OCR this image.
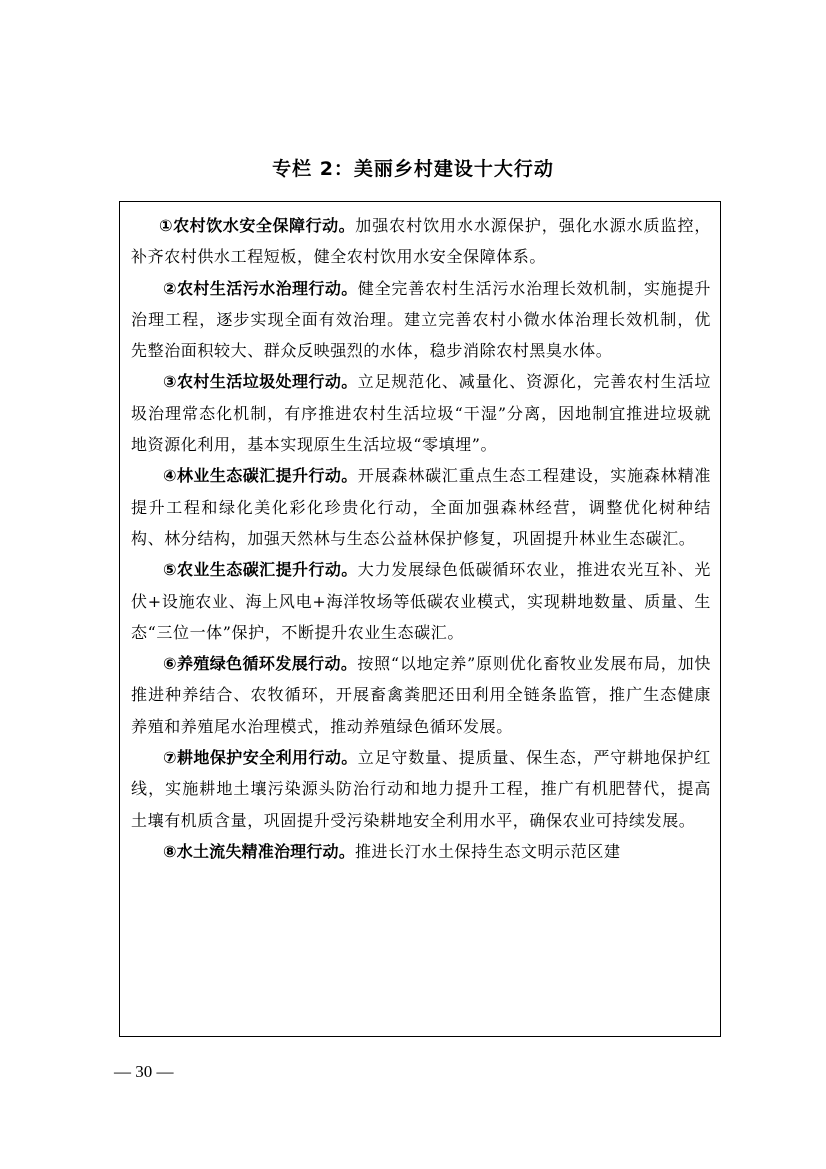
专栏 2：美丽乡村建设十大行动

①农村饮水安全保障行动。加强农村饮用水水源保护，强化水源水质监控，补齐农村供水工程短板，健全农村饮用水安全保障体系。

②农村生活污水治理行动。健全完善农村生活污水治理长效机制，实施提升治理工程，逐步实现全面有效治理。建立完善农村小微水体治理长效机制，优先整治面积较大、群众反映强烈的水体，稳步消除农村黑臭水体。

③农村生活垃圾处理行动。立足规范化、减量化、资源化，完善农村生活垃圾治理常态化机制，有序推进农村生活垃圾“干湿”分离，因地制宜推进垃圾就地资源化利用，基本实现原生生活垃圾“零填埋”。

④林业生态碳汇提升行动。开展森林碳汇重点生态工程建设，实施森林精准提升工程和绿化美化彩化珍贵化行动，全面加强森林经营，调整优化树种结构、林分结构，加强天然林与生态公益林保护修复，巩固提升林业生态碳汇。

⑤农业生态碳汇提升行动。大力发展绿色低碳循环农业，推进农光互补、光伏+设施农业、海上风电+海洋牧场等低碳农业模式，实现耕地数量、质量、生态“三位一体”保护，不断提升农业生态碳汇。

⑥养殖绿色循环发展行动。按照“以地定养”原则优化畜牧业发展布局，加快推进种养结合、农牧循环，开展畜禽粪肥还田利用全链条监管，推广生态健康养殖和养殖尾水治理模式，推动养殖绿色循环发展。

⑦耕地保护安全利用行动。立足守数量、提质量、保生态，严守耕地保护红线，实施耕地土壤污染源头防治行动和地力提升工程，推广有机肥替代，提高土壤有机质含量，巩固提升受污染耕地安全利用水平，确保农业可持续发展。

⑧水土流失精准治理行动。推进长汀水土保持生态文明示范区建

— 30 —
